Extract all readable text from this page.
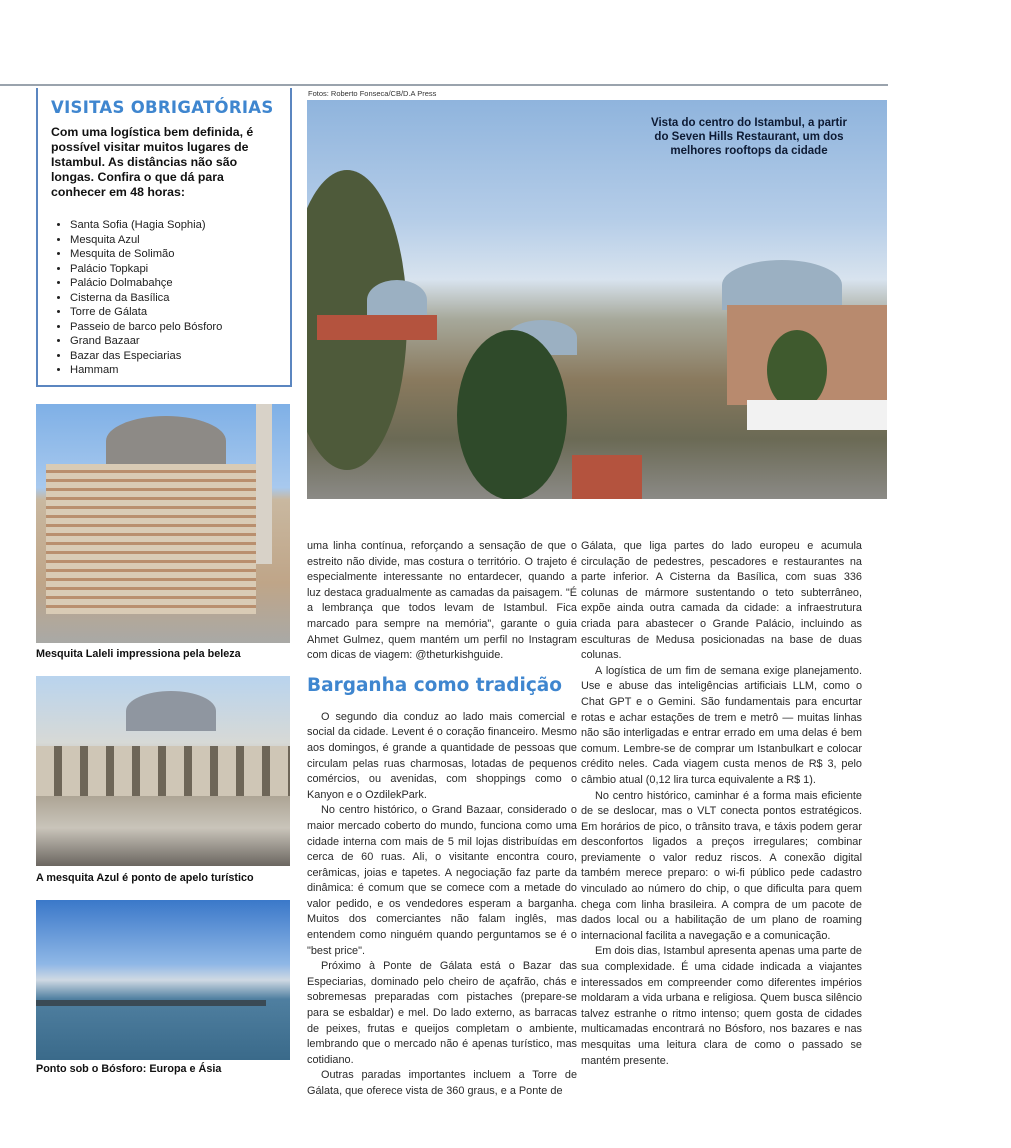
VISITAS OBRIGATÓRIAS
Com uma logística bem definida, é possível visitar muitos lugares de Istambul. As distâncias não são longas. Confira o que dá para conhecer em 48 horas:
• Santa Sofia (Hagia Sophia)
• Mesquita Azul
• Mesquita de Solimão
• Palácio Topkapi
• Palácio Dolmabahçe
• Cisterna da Basílica
• Torre de Gálata
• Passeio de barco pelo Bósforo
• Grand Bazaar
• Bazar das Especiarias
• Hammam
Fotos: Roberto Fonseca/CB/D.A Press
Vista do centro do Istambul, a partir do Seven Hills Restaurant, um dos melhores rooftops da cidade
Mesquita Laleli impressiona pela beleza
A mesquita Azul é ponto de apelo turístico
Ponto sob o Bósforo: Europa e Ásia

uma linha contínua, reforçando a sensação de que o estreito não divide, mas costura o território. O trajeto é especialmente interessante no entardecer, quando a luz destaca gradualmente as camadas da paisagem. "É a lembrança que todos levam de Istambul. Fica marcado para sempre na memória", garante o guia Ahmet Gulmez, quem mantém um perfil no Instagram com dicas de viagem: @theturkishguide.

Barganha como tradição

O segundo dia conduz ao lado mais comercial e social da cidade. Levent é o coração financeiro. Mesmo aos domingos, é grande a quantidade de pessoas que circulam pelas ruas charmosas, lotadas de pequenos comércios, ou avenidas, com shoppings como o Kanyon e o OzdilekPark.

No centro histórico, o Grand Bazaar, considerado o maior mercado coberto do mundo, funciona como uma cidade interna com mais de 5 mil lojas distribuídas em cerca de 60 ruas. Ali, o visitante encontra couro, cerâmicas, joias e tapetes. A negociação faz parte da dinâmica: é comum que se comece com a metade do valor pedido, e os vendedores esperam a barganha. Muitos dos comerciantes não falam inglês, mas entendem como ninguém quando perguntamos se é o "best price".

Próximo à Ponte de Gálata está o Bazar das Especiarias, dominado pelo cheiro de açafrão, chás e sobremesas preparadas com pistaches (prepare-se para se esbaldar) e mel. Do lado externo, as barracas de peixes, frutas e queijos completam o ambiente, lembrando que o mercado não é apenas turístico, mas cotidiano.

Outras paradas importantes incluem a Torre de Gálata, que oferece vista de 360 graus, e a Ponte de

Gálata, que liga partes do lado europeu e acumula circulação de pedestres, pescadores e restaurantes na parte inferior. A Cisterna da Basílica, com suas 336 colunas de mármore sustentando o teto subterrâneo, expõe ainda outra camada da cidade: a infraestrutura criada para abastecer o Grande Palácio, incluindo as esculturas de Medusa posicionadas na base de duas colunas.

A logística de um fim de semana exige planejamento. Use e abuse das inteligências artificiais LLM, como o Chat GPT e o Gemini. São fundamentais para encurtar rotas e achar estações de trem e metrô — muitas linhas não são interligadas e entrar errado em uma delas é bem comum. Lembre-se de comprar um Istanbulkart e colocar crédito neles. Cada viagem custa menos de R$ 3, pelo câmbio atual (0,12 lira turca equivalente a R$ 1).

No centro histórico, caminhar é a forma mais eficiente de se deslocar, mas o VLT conecta pontos estratégicos. Em horários de pico, o trânsito trava, e táxis podem gerar desconfortos ligados a preços irregulares; combinar previamente o valor reduz riscos. A conexão digital também merece preparo: o wi-fi público pede cadastro vinculado ao número do chip, o que dificulta para quem chega com linha brasileira. A compra de um pacote de dados local ou a habilitação de um plano de roaming internacional facilita a navegação e a comunicação.

Em dois dias, Istambul apresenta apenas uma parte de sua complexidade. É uma cidade indicada a viajantes interessados em compreender como diferentes impérios moldaram a vida urbana e religiosa. Quem busca silêncio talvez estranhe o ritmo intenso; quem gosta de cidades multicamadas encontrará no Bósforo, nos bazares e nas mesquitas uma leitura clara de como o passado se mantém presente.
